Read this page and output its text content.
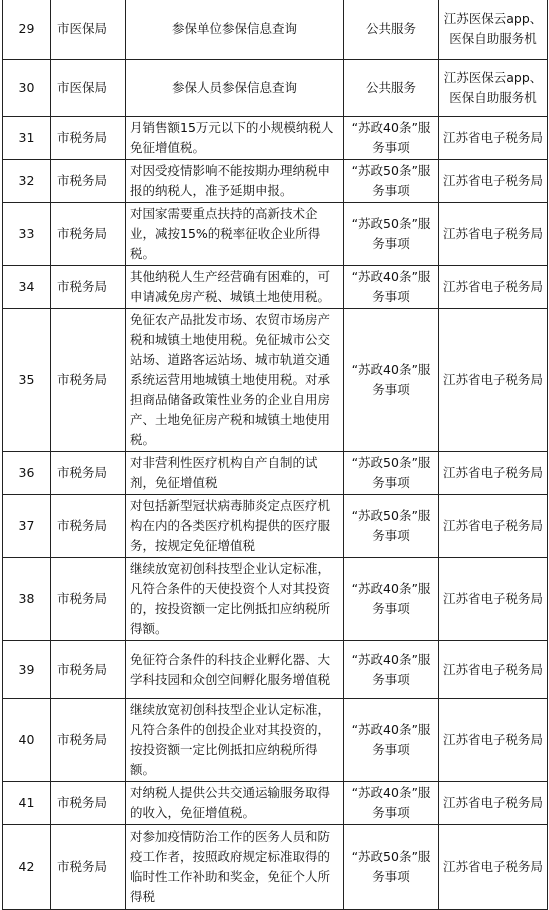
29	市医保局	参保单位参保信息查询	公共服务	江苏医保云app、医保自助服务机
30	市医保局	参保人员参保信息查询	公共服务	江苏医保云app、医保自助服务机
31	市税务局	月销售额15万元以下的小规模纳税人免征增值税。	“苏政40条”服务事项	江苏省电子税务局
32	市税务局	对因受疫情影响不能按期办理纳税申报的纳税人，准予延期申报。	“苏政50条”服务事项	江苏省电子税务局
33	市税务局	对国家需要重点扶持的高新技术企业，减按15%的税率征收企业所得税。	“苏政50条”服务事项	江苏省电子税务局
34	市税务局	其他纳税人生产经营确有困难的，可申请减免房产税、城镇土地使用税。	“苏政40条”服务事项	江苏省电子税务局
35	市税务局	免征农产品批发市场、农贸市场房产税和城镇土地使用税。免征城市公交站场、道路客运站场、城市轨道交通系统运营用地城镇土地使用税。对承担商品储备政策性业务的企业自用房产、土地免征房产税和城镇土地使用税。	“苏政40条”服务事项	江苏省电子税务局
36	市税务局	对非营利性医疗机构自产自制的试剂，免征增值税	“苏政50条”服务事项	江苏省电子税务局
37	市税务局	对包括新型冠状病毒肺炎定点医疗机构在内的各类医疗机构提供的医疗服务，按规定免征增值税	“苏政50条”服务事项	江苏省电子税务局
38	市税务局	继续放宽初创科技型企业认定标准，凡符合条件的天使投资个人对其投资的，按投资额一定比例抵扣应纳税所得额。	“苏政40条”服务事项	江苏省电子税务局
39	市税务局	免征符合条件的科技企业孵化器、大学科技园和众创空间孵化服务增值税	“苏政40条”服务事项	江苏省电子税务局
40	市税务局	继续放宽初创科技型企业认定标准，凡符合条件的创投企业对其投资的，按投资额一定比例抵扣应纳税所得额。	“苏政40条”服务事项	江苏省电子税务局
41	市税务局	对纳税人提供公共交通运输服务取得的收入，免征增值税。	“苏政40条”服务事项	江苏省电子税务局
42	市税务局	对参加疫情防治工作的医务人员和防疫工作者，按照政府规定标准取得的临时性工作补助和奖金，免征个人所得税	“苏政50条”服务事项	江苏省电子税务局
